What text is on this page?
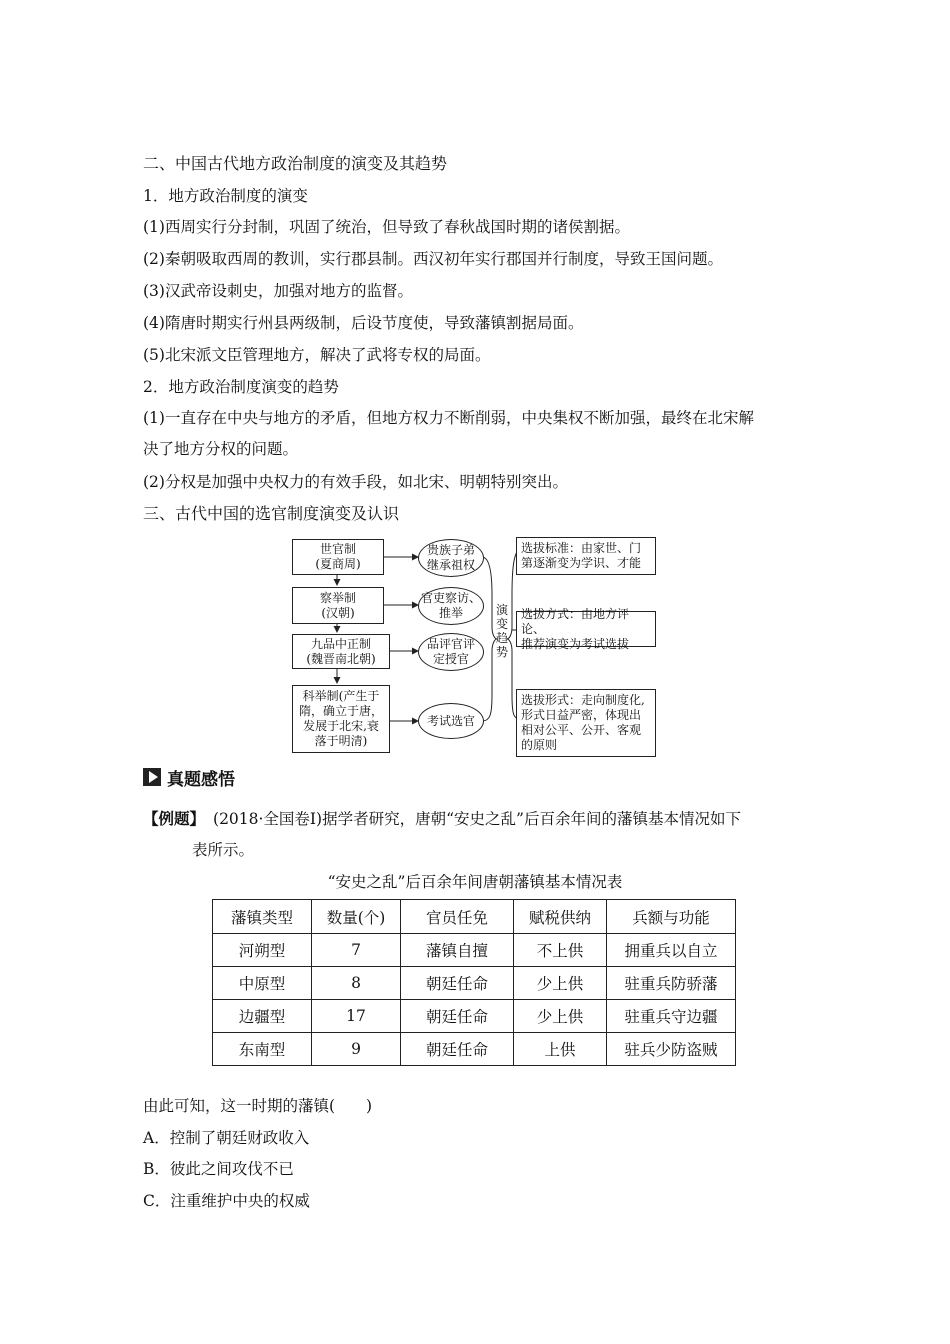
二、中国古代地方政治制度的演变及其趋势
1．地方政治制度的演变
(1)西周实行分封制，巩固了统治，但导致了春秋战国时期的诸侯割据。
(2)秦朝吸取西周的教训，实行郡县制。西汉初年实行郡国并行制度，导致王国问题。
(3)汉武帝设刺史，加强对地方的监督。
(4)隋唐时期实行州县两级制，后设节度使，导致藩镇割据局面。
(5)北宋派文臣管理地方，解决了武将专权的局面。
2．地方政治制度演变的趋势
(1)一直存在中央与地方的矛盾，但地方权力不断削弱，中央集权不断加强，最终在北宋解
决了地方分权的问题。
(2)分权是加强中央权力的有效手段，如北宋、明朝特别突出。
三、古代中国的选官制度演变及认识
世官制
(夏商周)
察举制
(汉朝)
九品中正制
(魏晋南北朝)
科举制(产生于
隋，确立于唐，
发展于北宋,衰
落于明清)
贵族子弟
继承祖权
官吏察访、
推举
品评官评
定授官
考试选官
演
变
趋
势
选拔标准：由家世、门
第逐渐变为学识、才能
选拔方式：由地方评论、
推荐演变为考试选拔
选拔形式：走向制度化,
形式日益严密，体现出
相对公平、公开、客观
的原则
真题感悟
【例题】 (2018·全国卷Ⅰ)据学者研究，唐朝“安史之乱”后百余年间的藩镇基本情况如下
表所示。
“安史之乱”后百余年间唐朝藩镇基本情况表
藩镇类型	数量(个)	官员任免	赋税供纳	兵额与功能
河朔型	7	藩镇自擅	不上供	拥重兵以自立
中原型	8	朝廷任命	少上供	驻重兵防骄藩
边疆型	17	朝廷任命	少上供	驻重兵守边疆
东南型	9	朝廷任命	上供	驻兵少防盗贼
由此可知，这一时期的藩镇(　　)
A．控制了朝廷财政收入
B．彼此之间攻伐不已
C．注重维护中央的权威
